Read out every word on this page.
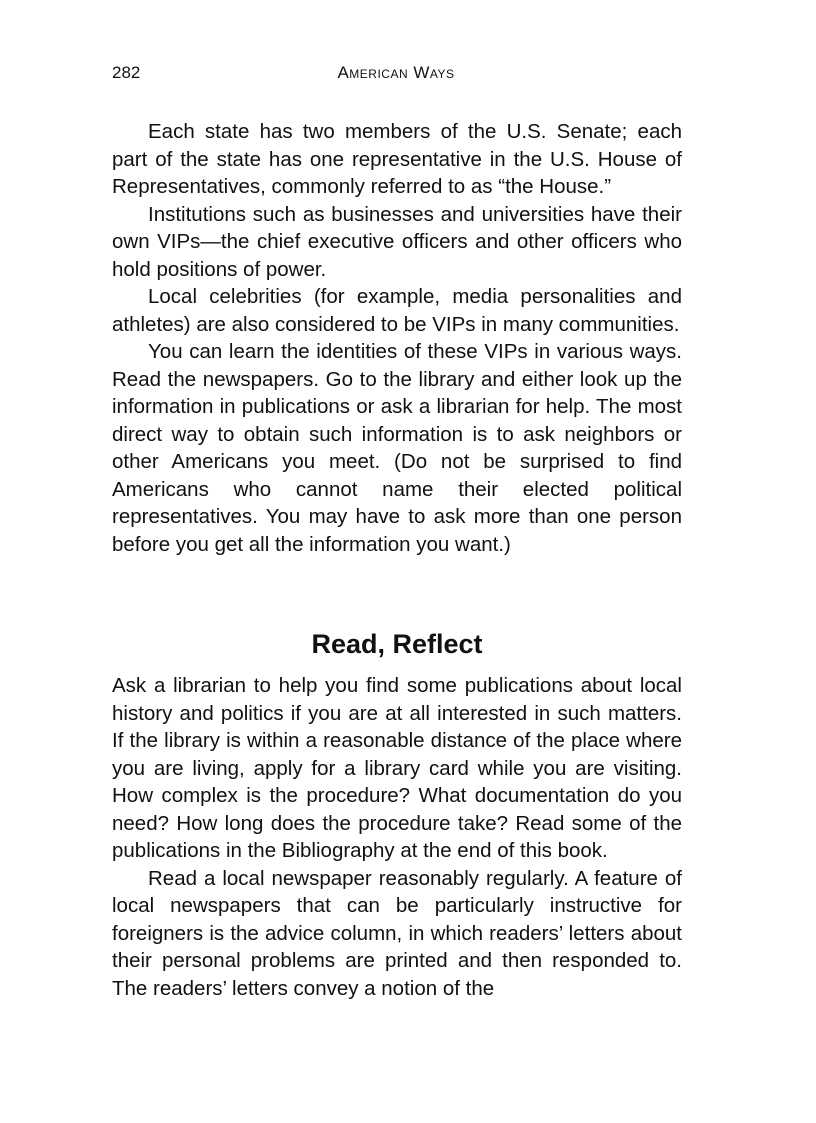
282	American Ways

Each state has two members of the U.S. Senate; each part of the state has one representative in the U.S. House of Representatives, commonly referred to as “the House.”

Institutions such as businesses and universities have their own VIPs—the chief executive officers and other officers who hold positions of power.

Local celebrities (for example, media personalities and athletes) are also considered to be VIPs in many communities.

You can learn the identities of these VIPs in various ways. Read the newspapers. Go to the library and either look up the information in publications or ask a librarian for help. The most direct way to obtain such information is to ask neighbors or other Americans you meet. (Do not be surprised to find Americans who cannot name their elected political representatives. You may have to ask more than one person before you get all the information you want.)

Read, Reflect

Ask a librarian to help you find some publications about local history and politics if you are at all interested in such matters. If the library is within a reasonable distance of the place where you are living, apply for a library card while you are visiting. How complex is the procedure? What documentation do you need? How long does the procedure take? Read some of the publications in the Bibliography at the end of this book.

Read a local newspaper reasonably regularly. A feature of local newspapers that can be particularly instructive for foreigners is the advice column, in which readers’ letters about their personal problems are printed and then responded to. The readers’ letters convey a notion of the
